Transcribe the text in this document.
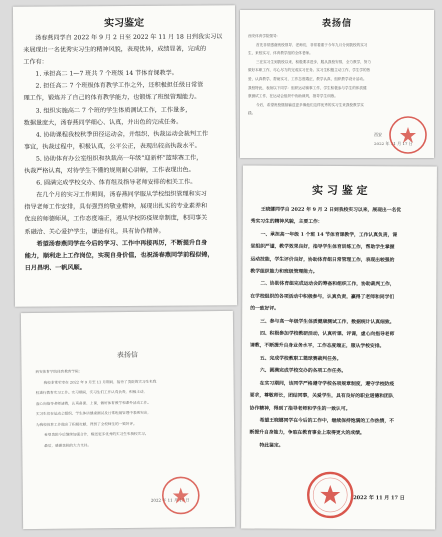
实习鉴定
汤春燕同学自 2022 年 9 月 2 日至 2022 年 11 月 18 日到我实习以
来展现出一名优秀实习生的精神风貌，表现优异，成绩显著，完成的
工作有：
1. 承担高二 1—7 班共 7 个班级 14 节体育课教学。
2. 担任高二 7 个班级体育教学工作之外，还积极担任级日常管
理工作，锻炼并了自己的体育教学能力，也锻炼了班级管理能力。
3. 组织实施高二 7 个班的学生体质测试工作，工作量多，
数据量庞大，汤春燕同学细心、认真，并出色的完成任务。
4. 协助课程我校秋季田径运动会，并组织、执裁运动会裁判工作
事宜，执裁过程中，积极认真，公平公正，表现出较高执裁水平。
5. 协助体育办公室组织和执裁高一年级“迎新杯”篮球赛工作，
执裁严格认真，对待学生不懂的规则耐心讲解，工作表现出色。
6. 圆满完成学校交办、体育组及指导老师安排的相关工作。
在几个月的实习工作期间，汤春燕同学服从学校组织管理和实习
指导老师工作安排，具有强烈的敬业精神，展现出扎实的专业素养和
优良的师德师风，工作态度端正，遵从学校防疫规章制度，积同事关
系融洽、关心爱护学生，谦逊有礼，具有协作精神。
希望汤春燕同学在今后的学习、工作中再接再厉，不断提升自身
能力，顺利走上工作岗位，实现自身价值，也祝汤春燕同学前程似锦，
日月昌明、一帆风顺。
表扬信
西安体育学院领导：
首先非常感谢贵校领导、老师们，非常看重于今年九月分到我校的实习
生，来校实习，体育教学组的全体老师。
三在实习生到我校以来，积极要求进步，服从我校安排，全力教学，努力
做好本职工作，尽心尽力的完成实习任务。实习生积极主动工作，学生学的热
爱，认真教学，帮助实习，工作态度端正，教学认真，组织教学设计活动。
我校特此，表扬以下同学：组织运动赛事工作，学生积极参与学生的体质健
康测试工作，在运动会组织中协助裁判，指导学生训练。
今后，希望贵校继续输送更多像他们这样优秀的实习生来我校教学实
践。
西安
2022 年 11 月 17 日
实 习 鉴 定
王晓娜同学自 2022 年 9 月 2 日到我校实习以来，展现出一名优
秀实习生的精神风貌，主要工作：
一、承担高一年级 1 个班 14 节体育课教学，工作认真负责，课
堂组织严谨，教学效果良好，指导学生体育训练工作，帮助学生掌握
运动技能，学生评价良好，协助体育组日常管理工作，表现出较强的
教学组织能力和班级管理能力。
二、协助体育组完成运动会的筹备和组织工作，协助裁判工作，
在学校组织的各项活动中积极参与，认真负责，赢得了老师和同学们
的一致好评。
三、参与高一年级学生体质健康测试工作，数据统计认真细致。
四、积极参加学校教研活动，认真听课、评课，虚心向指导老师
请教，不断提升自身业务水平，工作态度端正，服从学校安排。
五、完成学校教职工篮球赛裁判任务。
六、圆满完成学校交办的各项工作任务。
在实习期间，该同学严格遵守学校各项规章制度，遵守学校防疫
要求，尊敬师长，团结同事，关爱学生，具有良好的职业道德和团队
协作精神，得到了指导老师和学生的一致认可。
希望王晓娜同学在今后的工作中，继续保持饱满的工作热情，不
断提升自身能力，争取在教育事业上取得更大的成绩。
特此鉴定。
2022 年 11 月 17 日
表扬信
西安体育学院体育教育学院：
我校非常荣幸在 2022 年 9 月至 11 月期间，接待了贵院的实习生来我
校进行教育实习工作。实习期间，实习生们工作认真负责，积极主动，
虚心向指导老师请教，认真备课、上课，做好体育教学和课外活动工作。
实习生们在运动会组织、学生体质健康测试及日常班级管理中表现突出，
为我校体育工作做出了积极贡献，得到了全校师生的一致好评。
希望贵院今后继续加强合作，输送更多优秀的实习生来我校实习。
最后，感谢贵院的大力支持。
2022 年 11 月 17 日
